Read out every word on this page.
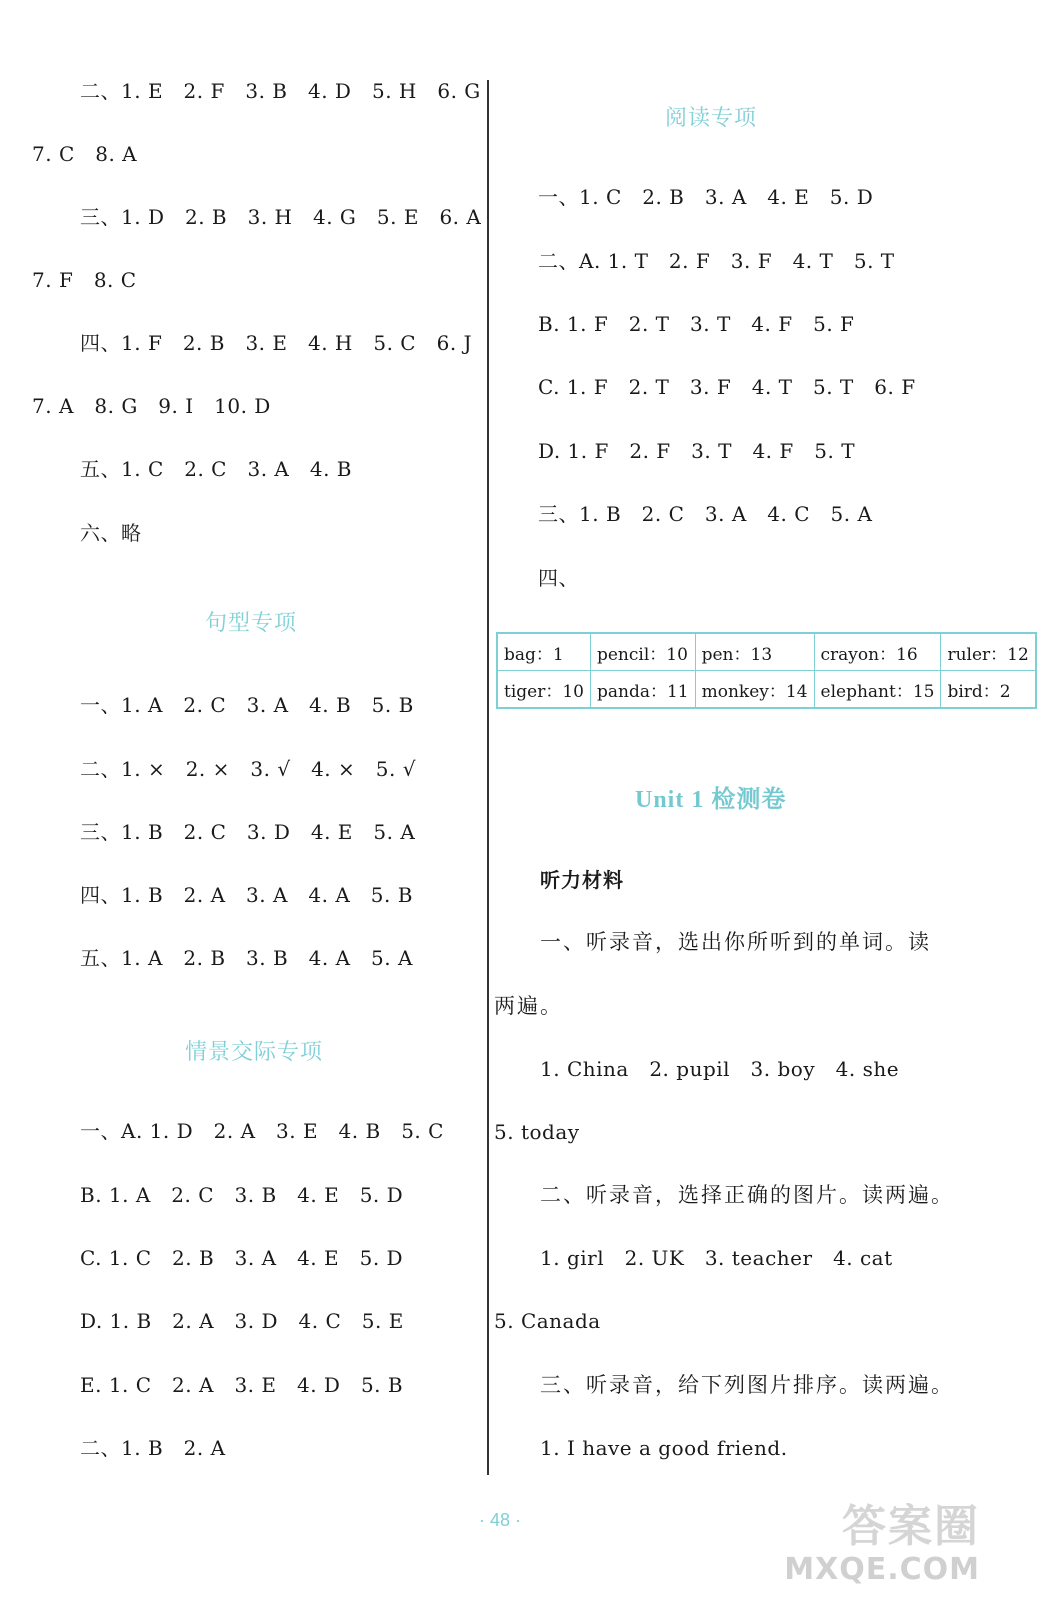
二、1. E　2. F　3. B　4. D　5. H　6. G
7. C　8. A
三、1. D　2. B　3. H　4. G　5. E　6. A
7. F　8. C
四、1. F　2. B　3. E　4. H　5. C　6. J
7. A　8. G　9. I　10. D
五、1. C　2. C　3. A　4. B
六、略
句型专项
一、1. A　2. C　3. A　4. B　5. B
二、1. ×　2. ×　3. √　4. ×　5. √
三、1. B　2. C　3. D　4. E　5. A
四、1. B　2. A　3. A　4. A　5. B
五、1. A　2. B　3. B　4. A　5. A
情景交际专项
一、A. 1. D　2. A　3. E　4. B　5. C
B. 1. A　2. C　3. B　4. E　5. D
C. 1. C　2. B　3. A　4. E　5. D
D. 1. B　2. A　3. D　4. C　5. E
E. 1. C　2. A　3. E　4. D　5. B
二、1. B　2. A
阅读专项
一、1. C　2. B　3. A　4. E　5. D
二、A. 1. T　2. F　3. F　4. T　5. T
B. 1. F　2. T　3. T　4. F　5. F
C. 1. F　2. T　3. F　4. T　5. T　6. F
D. 1. F　2. F　3. T　4. F　5. T
三、1. B　2. C　3. A　4. C　5. A
四、
Unit 1 检测卷
听力材料
一、听录音，选出你所听到的单词。读
两遍。
1. China　2. pupil　3. boy　4. she
5. today
二、听录音，选择正确的图片。读两遍。
1. girl　2. UK　3. teacher　4. cat
5. Canada
三、听录音，给下列图片排序。读两遍。
1. I have a good friend.
bag：1	pencil：10	pen：13	crayon：16	ruler：12
tiger：10	panda：11	monkey：14	elephant：15	bird：2
· 48 ·	答案圈
MXQE.COM
